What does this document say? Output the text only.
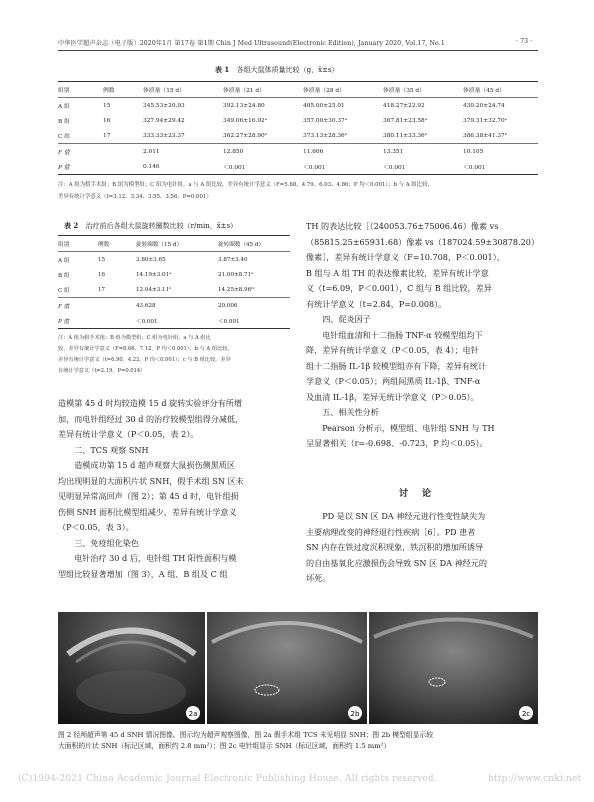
中华医学超声杂志（电子版）2020年1月 第17卷 第1期 Chin J Med Ultrasound(Electronic Edition), January 2020, Vol.17, No.1	· 73 ·
表 1 各组大鼠体质量比较（g，x̄±s）
组别	例数	体质量（15 d）	体质量（21 d）	体质量（28 d）	体质量（35 d）	体质量（45 d）
A 组	15	345.53±20.93	392.13±24.80	405.00±25.01	418.27±22.92	430.20±24.74
B 组	16	327.94±29.42	349.06±16.92ᵃ	357.00±30.37ᵃ	367.81±23.58ᵃ	379.31±32.70ᵃ
C 组	17	333.33±23.37	362.27±28.90ᵇ	373.13±28.36ᵇ	380.11±33.36ᵇ	386.38±41.37ᵇ
F 值		2.011	12.850	11.606	13.351	10.105
P 值		0.146	＜0.001	＜0.001	＜0.001	＜0.001
注：A 组为假手术组；B 组为模型组；C 组为电针组。a 与 A 组比较，差异有统计学意义（F=5.68、4.79、6.03、4.86；P 均＜0.001）；b 与 A 组比较，
差异有统计学意义（t=3.12、3.34、3.55、3.56，P=0.001）
表 2 治疗前后各组大鼠旋转圈数比较（r/min，x̄±s）
组别	例数	旋转圈数（15 d）	旋转圈数（45 d）
A 组	15	3.80±3.65	3.87±3.40
B 组	16	14.19±3.01ᵃ	21.00±8.71ᵃ
C 组	17	12.04±3.11ᵇ	14.25±8.96ᵇᶜ
F 值		43.628	20.006
P 值		＜0.001	＜0.001
注：A 组为假手术组；B 组为模型组；C 组为电针组。a 与 A 组比
较，差异有统计学意义（F=8.66、7.12，P 均＜0.001）；b 与 A 组比较，
差异有统计学意义（t=6.90、4.22，P 均＜0.001）；c 与 B 组比较，差异
有统计学意义（t=2.19，P=0.014）
造模第 45 d 时均较造模 15 d 旋转实验评分有所增
加，而电针组经过 30 d 的治疗较模型组得分减低，
差异有统计学意义（P＜0.05，表 2）。
二、TCS 观察 SNH
造模成功第 15 d 超声观察大鼠损伤侧黑质区
均出现明显的大面积片状 SNH，假手术组 SN 区未
见明显异常高回声（图 2）；第 45 d 时，电针组损
伤侧 SNH 面积比模型组减少，差异有统计学意义
（P＜0.05，表 3）。
三、免疫组化染色
电针治疗 30 d 后，电针组 TH 阳性面积与模
型组比较显著增加（图 3），A 组、B 组及 C 组
TH 的表达比较［（240053.76±75006.46）像素 vs
（85815.25±65931.68）像素 vs（187024.59±30878.20）
像素］，差异有统计学意义（F=10.708，P＜0.001），
B 组与 A 组 TH 的表达像素比较，差异有统计学意
义（t=6.09，P＜0.001），C 组与 B 组比较，差异
有统计学意义（t=2.84，P=0.008）。
四、促炎因子
电针组血清和十二指肠 TNF-α 较模型组均下
降，差异有统计学意义（P＜0.05，表 4）；电针
组十二指肠 IL-1β 较模型组亦有下降，差异有统计
学意义（P＜0.05）；两组间黑质 IL-1β、TNF-α
及血清 IL-1β，差异无统计学意义（P＞0.05）。
五、相关性分析
Pearson 分析示，模型组、电针组 SNH 与 TH
呈显著相关（r=-0.698、-0.723，P 均＜0.05）。
讨论
PD 是以 SN 区 DA 神经元进行性变性缺失为
主要病理改变的神经退行性疾病［6］。PD 患者
SN 内存在铁过度沉积现象，铁沉积的增加所诱导
的自由基氧化应激损伤会导致 SN 区 DA 神经元的
坏死。
2a	2b	2c
图 2 经颅超声第 45 d SNH 情况图像。图示均为超声观察图像，图 2a 假手术组 TCS 未见明显 SNH；图 2b 模型组显示较
大面积的片状 SNH（标记区域，面积约 2.8 mm²）；图 2c 电针组显示 SNH（标记区域，面积约 1.5 mm²）
(C)1994-2021 China Academic Journal Electronic Publishing House. All rights reserved.	http://www.cnki.net
